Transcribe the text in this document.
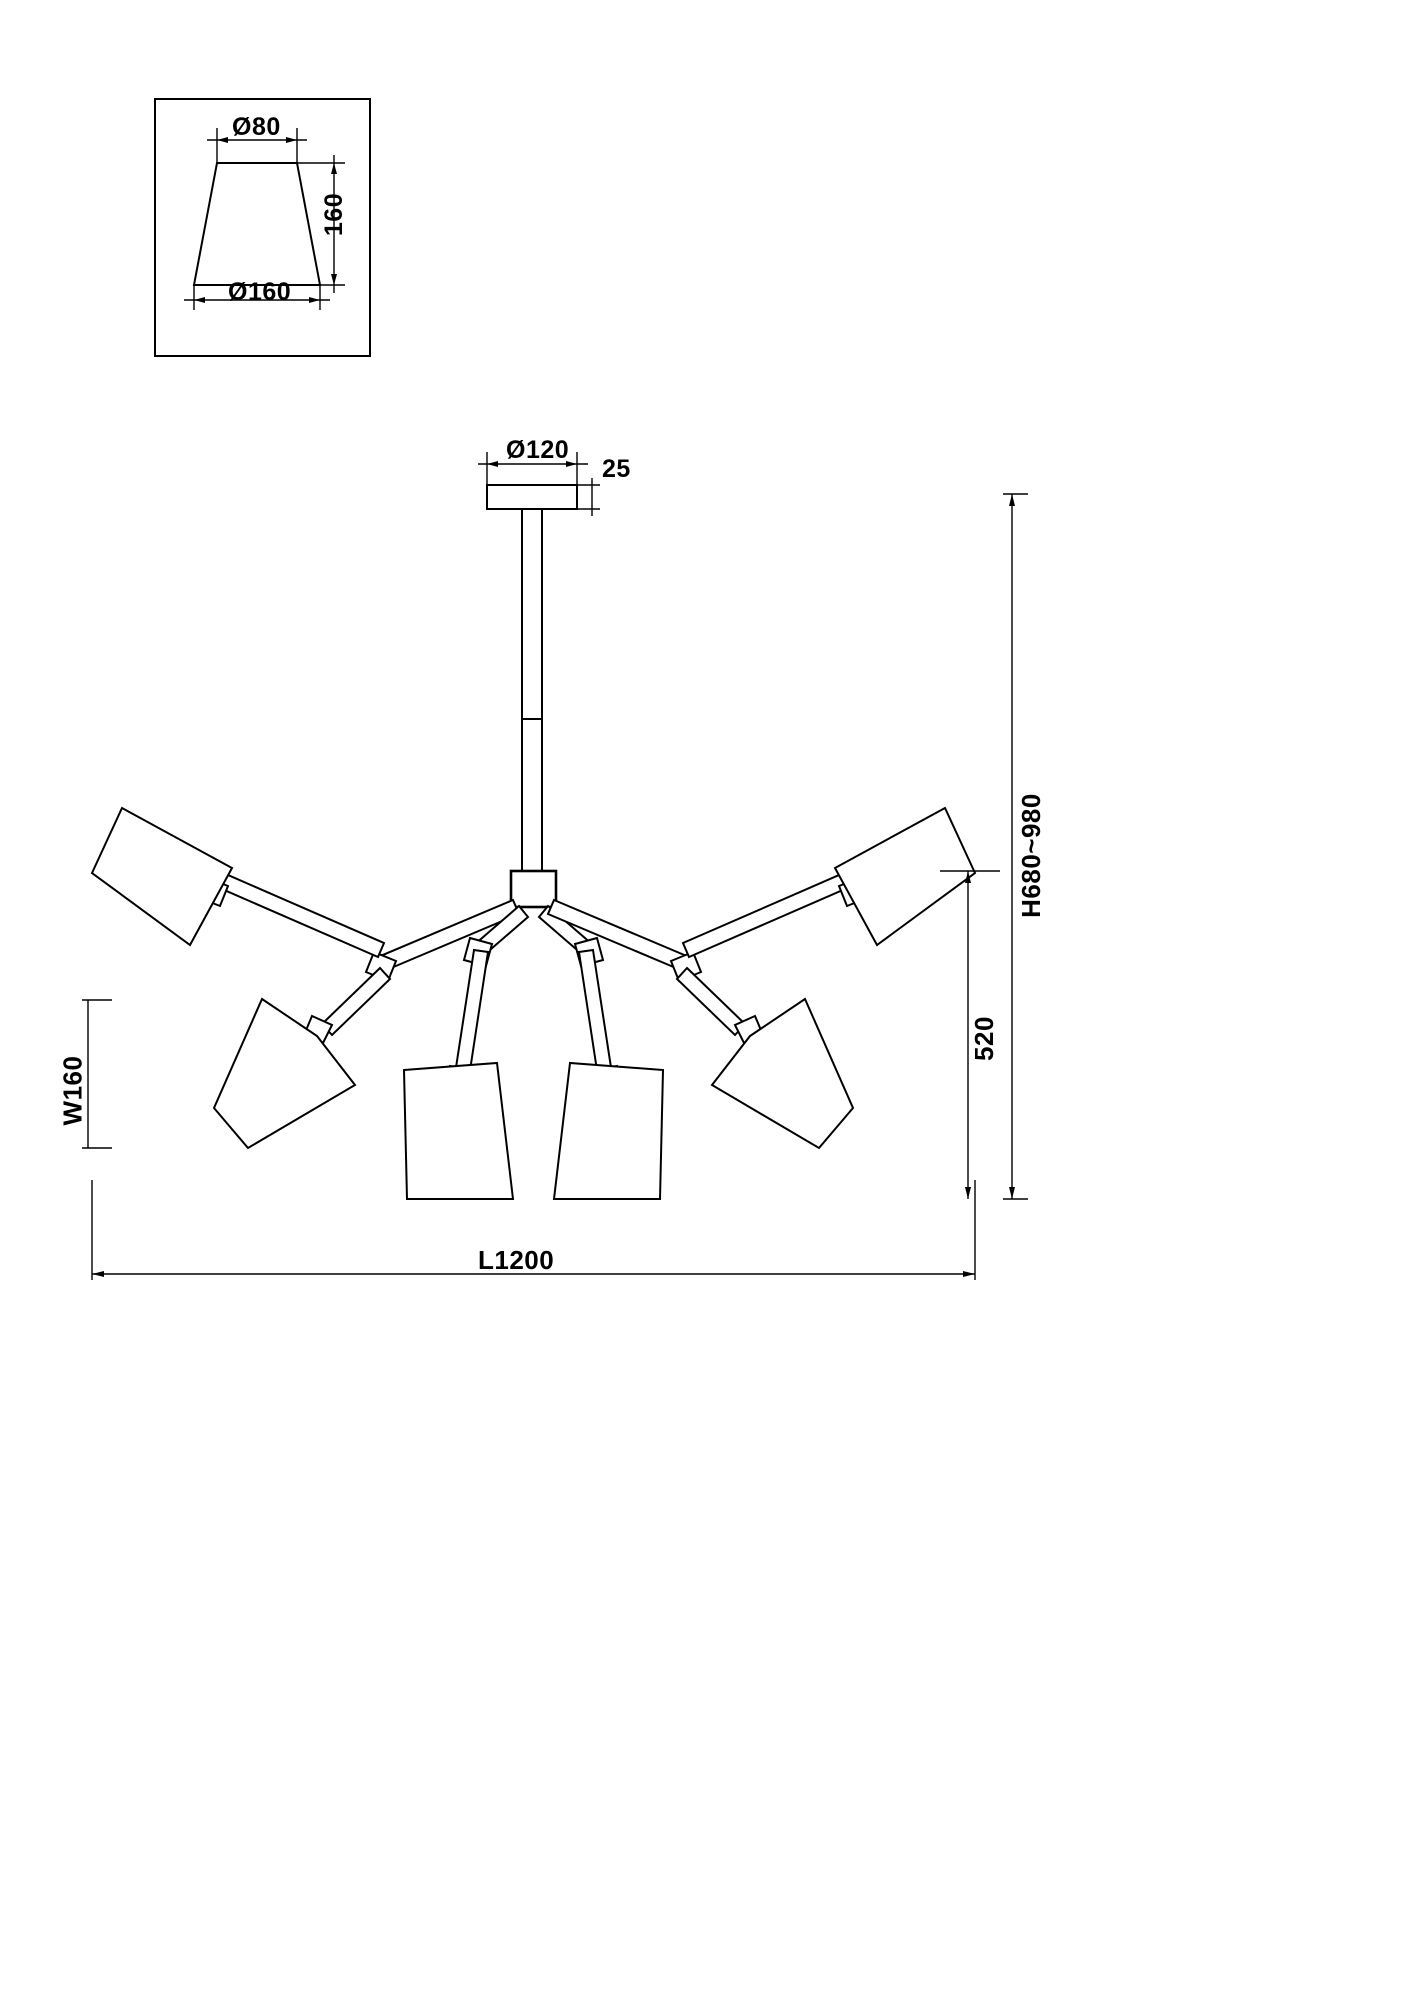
Ø80
160
Ø160
Ø120
25
H680~980
520
W160
L1200
